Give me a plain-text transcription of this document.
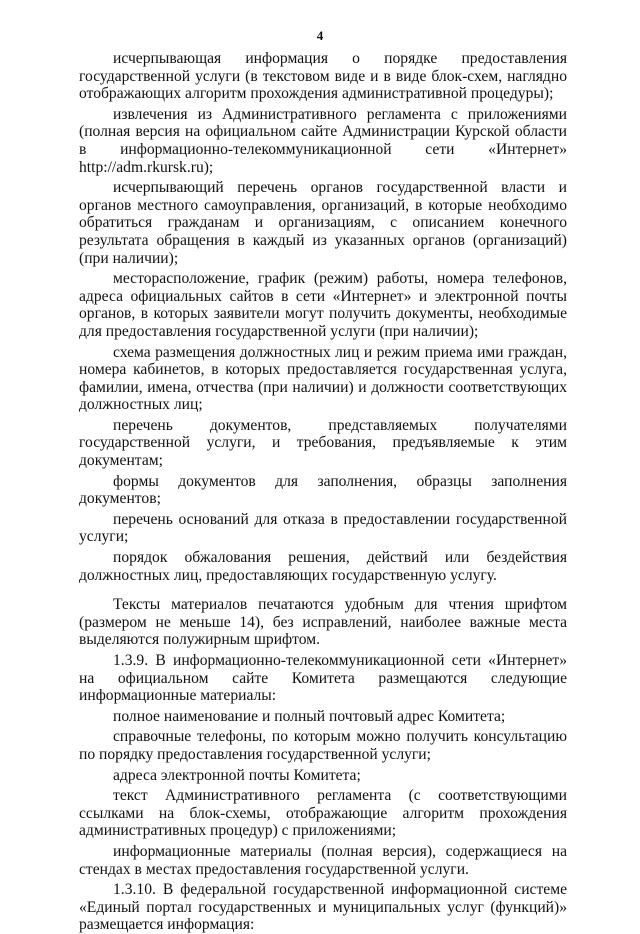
4

исчерпывающая информация о порядке предоставления государственной услуги (в текстовом виде и в виде блок-схем, наглядно отображающих алгоритм прохождения административной процедуры);

извлечения из Административного регламента с приложениями (полная версия на официальном сайте Администрации Курской области в информационно-телекоммуникационной сети «Интернет» http://adm.rkursk.ru);

исчерпывающий перечень органов государственной власти и органов местного самоуправления, организаций, в которые необходимо обратиться гражданам и организациям, с описанием конечного результата обращения в каждый из указанных органов (организаций) (при наличии);

месторасположение, график (режим) работы, номера телефонов, адреса официальных сайтов в сети «Интернет» и электронной почты органов, в которых заявители могут получить документы, необходимые для предоставления государственной услуги (при наличии);

схема размещения должностных лиц и режим приема ими граждан, номера кабинетов, в которых предоставляется государственная услуга, фамилии, имена, отчества (при наличии) и должности соответствующих должностных лиц;

перечень документов, представляемых получателями государственной услуги, и требования, предъявляемые к этим документам;

формы документов для заполнения, образцы заполнения документов;

перечень оснований для отказа в предоставлении государственной услуги;

порядок обжалования решения, действий или бездействия должностных лиц, предоставляющих государственную услугу.

Тексты материалов печатаются удобным для чтения шрифтом (размером не меньше 14), без исправлений, наиболее важные места выделяются полужирным шрифтом.

1.3.9. В информационно-телекоммуникационной сети «Интернет» на официальном сайте Комитета размещаются следующие информационные материалы:

полное наименование и полный почтовый адрес Комитета;

справочные телефоны, по которым можно получить консультацию по порядку предоставления государственной услуги;

адреса электронной почты Комитета;

текст Административного регламента (с соответствующими ссылками на блок-схемы, отображающие алгоритм прохождения административных процедур) с приложениями;

информационные материалы (полная версия), содержащиеся на стендах в местах предоставления государственной услуги.

1.3.10. В федеральной государственной информационной системе «Единый портал государственных и муниципальных услуг (функций)» размещается информация:
